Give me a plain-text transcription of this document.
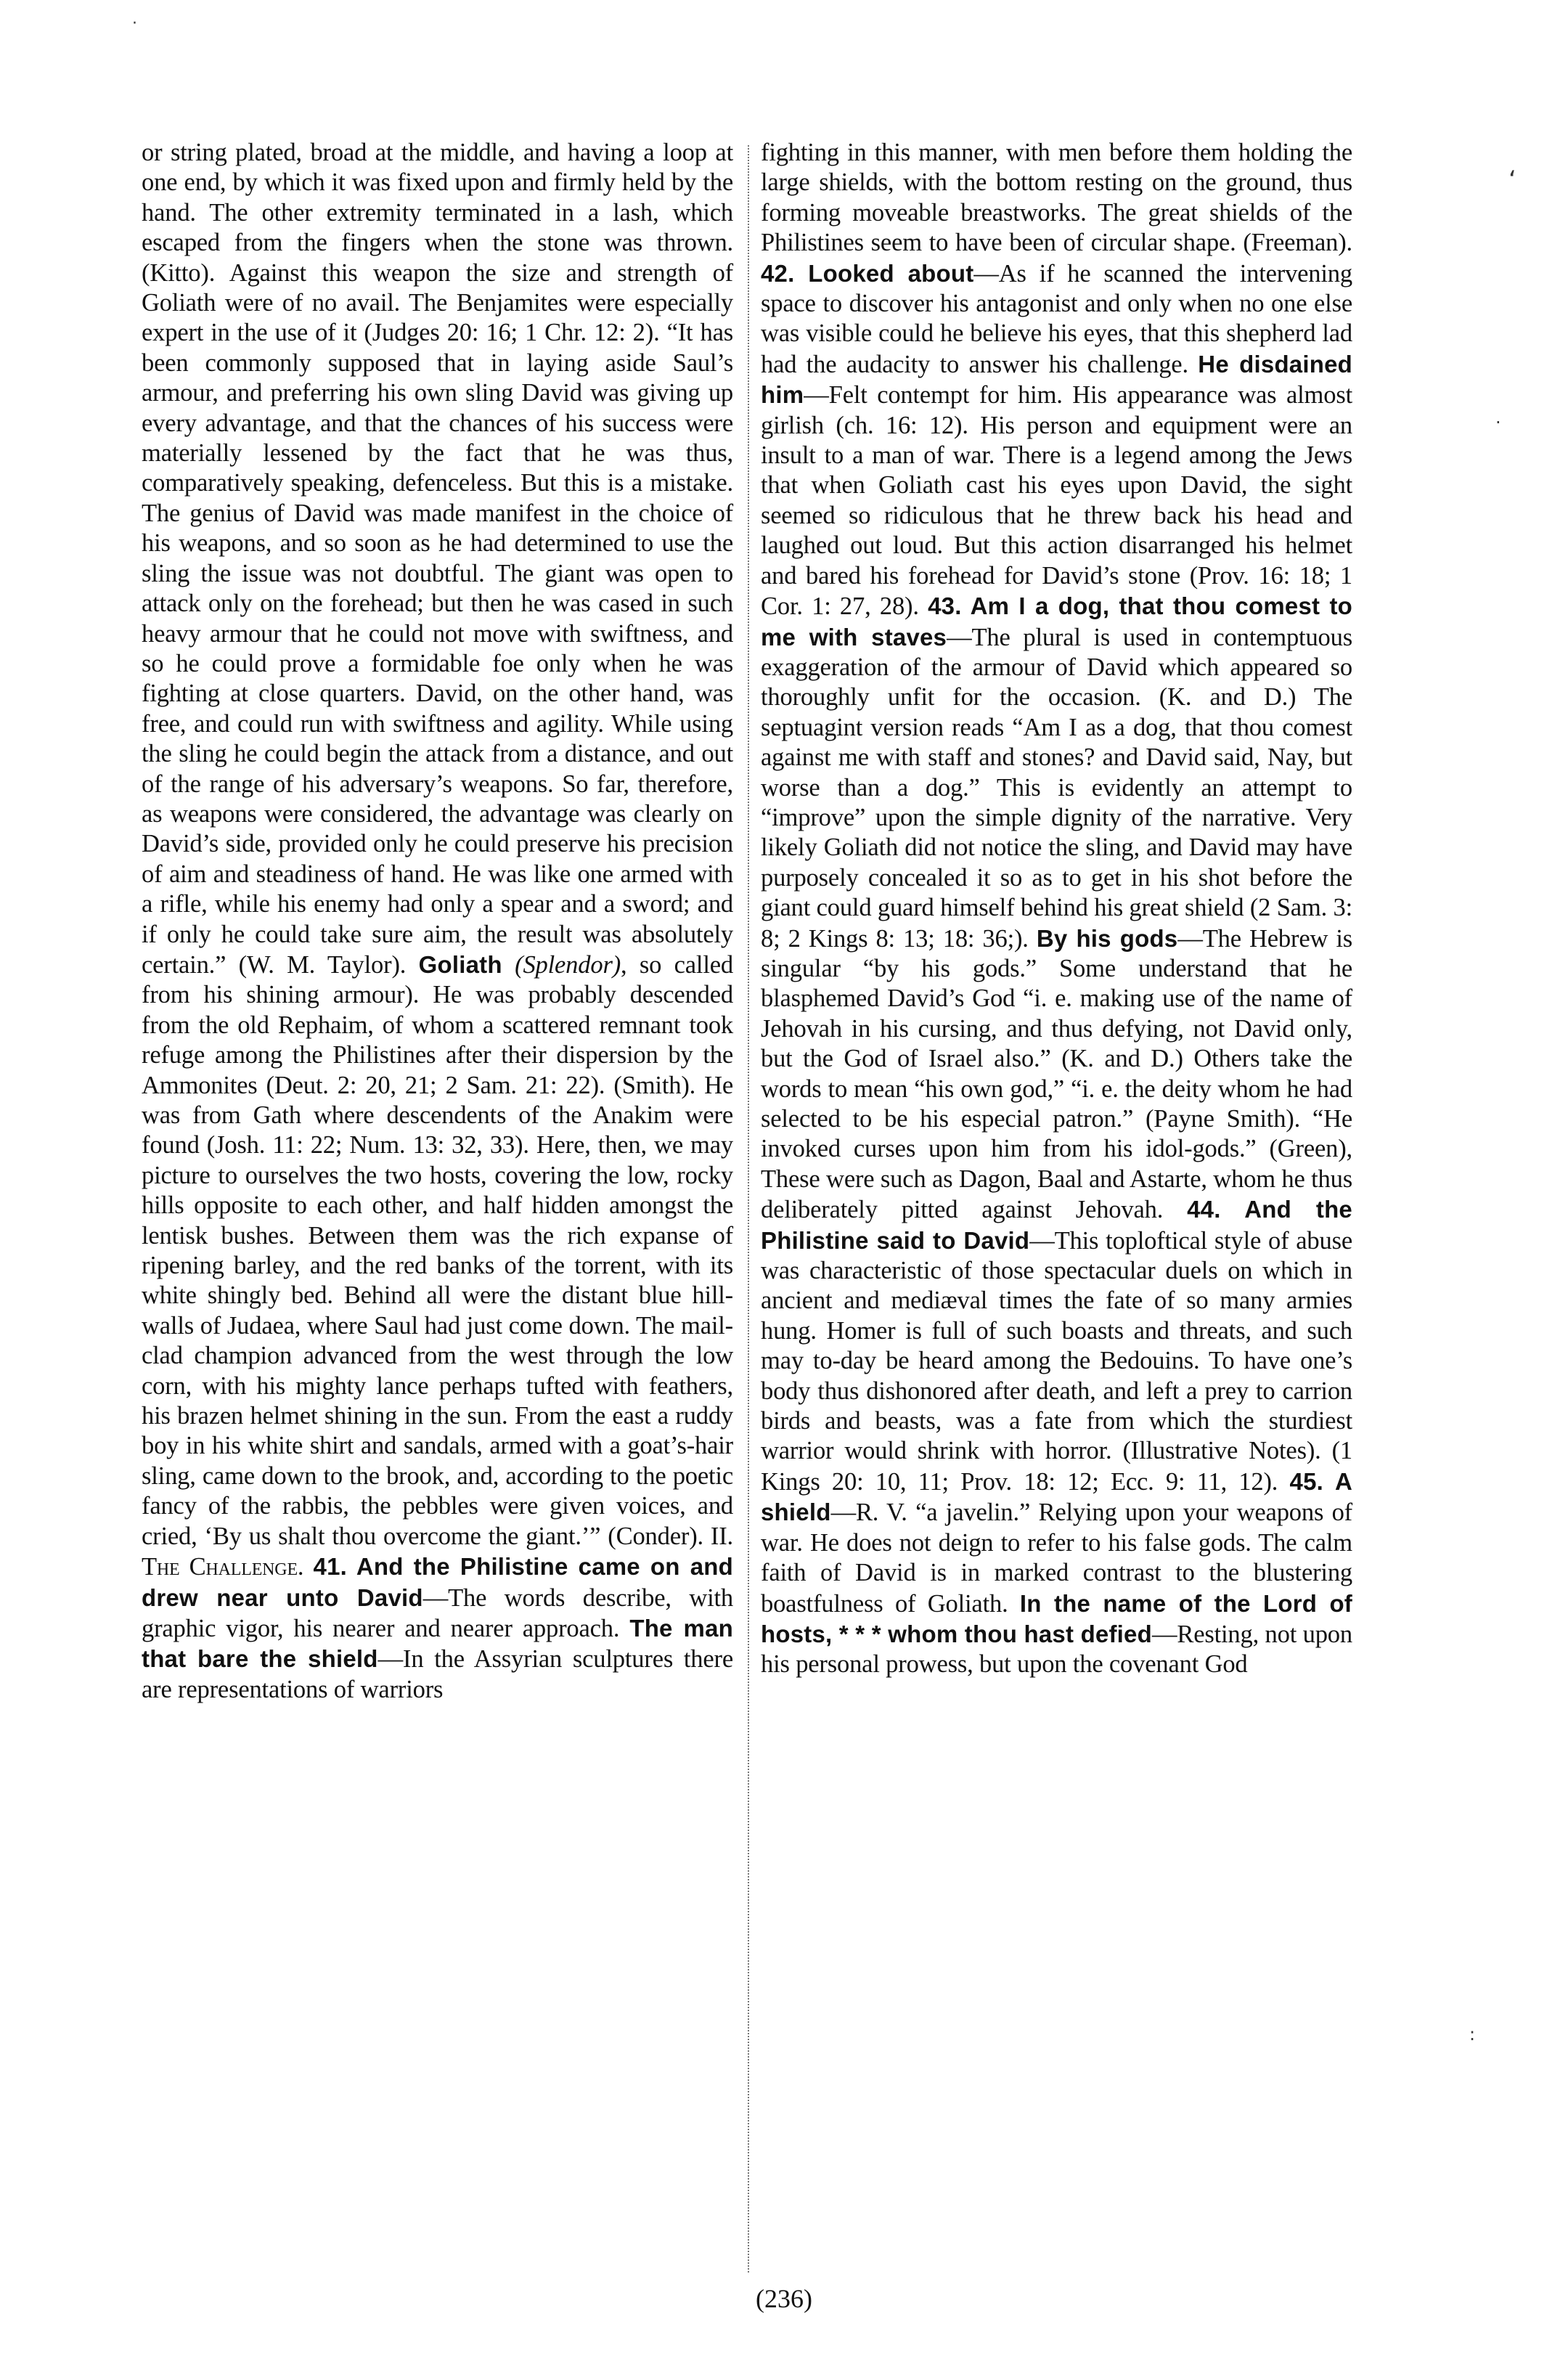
or string plated, broad at the middle, and having a loop at one end, by which it was fixed upon and firmly held by the hand. The other extremity terminated in a lash, which escaped from the fingers when the stone was thrown. (Kitto). Against this weapon the size and strength of Goliath were of no avail. The Benjamites were especially expert in the use of it (Judges 20: 16; 1 Chr. 12: 2). “It has been commonly supposed that in laying aside Saul’s armour, and preferring his own sling David was giving up every advantage, and that the chances of his success were materially lessened by the fact that he was thus, comparatively speaking, defenceless. But this is a mistake. The genius of David was made manifest in the choice of his weapons, and so soon as he had determined to use the sling the issue was not doubtful. The giant was open to attack only on the forehead; but then he was cased in such heavy armour that he could not move with swiftness, and so he could prove a formidable foe only when he was fighting at close quarters. David, on the other hand, was free, and could run with swiftness and agility. While using the sling he could begin the attack from a distance, and out of the range of his adversary’s weapons. So far, therefore, as weapons were considered, the advantage was clearly on David’s side, provided only he could preserve his precision of aim and steadiness of hand. He was like one armed with a rifle, while his enemy had only a spear and a sword; and if only he could take sure aim, the result was absolutely certain.” (W. M. Taylor). Goliath (Splendor), so called from his shining armour). He was probably descended from the old Rephaim, of whom a scattered remnant took refuge among the Philistines after their dispersion by the Ammonites (Deut. 2: 20, 21; 2 Sam. 21: 22). (Smith). He was from Gath where descendents of the Anakim were found (Josh. 11: 22; Num. 13: 32, 33). Here, then, we may picture to ourselves the two hosts, covering the low, rocky hills opposite to each other, and half hidden amongst the lentisk bushes. Between them was the rich expanse of ripening barley, and the red banks of the torrent, with its white shingly bed. Behind all were the distant blue hill-walls of Judaea, where Saul had just come down. The mail-clad champion advanced from the west through the low corn, with his mighty lance perhaps tufted with feathers, his brazen helmet shining in the sun. From the east a ruddy boy in his white shirt and sandals, armed with a goat’s-hair sling, came down to the brook, and, according to the poetic fancy of the rabbis, the pebbles were given voices, and cried, ‘By us shalt thou overcome the giant.’” (Conder). II. The Challenge. 41. And the Philistine came on and drew near unto David—The words describe, with graphic vigor, his nearer and nearer approach. The man that bare the shield—In the Assyrian sculptures there are representations of warriors

fighting in this manner, with men before them holding the large shields, with the bottom resting on the ground, thus forming moveable breastworks. The great shields of the Philistines seem to have been of circular shape. (Freeman). 42. Looked about—As if he scanned the intervening space to discover his antagonist and only when no one else was visible could he believe his eyes, that this shepherd lad had the audacity to answer his challenge. He disdained him—Felt contempt for him. His appearance was almost girlish (ch. 16: 12). His person and equipment were an insult to a man of war. There is a legend among the Jews that when Goliath cast his eyes upon David, the sight seemed so ridiculous that he threw back his head and laughed out loud. But this action disarranged his helmet and bared his forehead for David’s stone (Prov. 16: 18; 1 Cor. 1: 27, 28). 43. Am I a dog, that thou comest to me with staves—The plural is used in contemptuous exaggeration of the armour of David which appeared so thoroughly unfit for the occasion. (K. and D.) The septuagint version reads “Am I as a dog, that thou comest against me with staff and stones? and David said, Nay, but worse than a dog.” This is evidently an attempt to “improve” upon the simple dignity of the narrative. Very likely Goliath did not notice the sling, and David may have purposely concealed it so as to get in his shot before the giant could guard himself behind his great shield (2 Sam. 3: 8; 2 Kings 8: 13; 18: 36;). By his gods—The Hebrew is singular “by his gods.” Some understand that he blasphemed David’s God “i. e. making use of the name of Jehovah in his cursing, and thus defying, not David only, but the God of Israel also.” (K. and D.) Others take the words to mean “his own god,” “i. e. the deity whom he had selected to be his especial patron.” (Payne Smith). “He invoked curses upon him from his idol-gods.” (Green), These were such as Dagon, Baal and Astarte, whom he thus deliberately pitted against Jehovah. 44. And the Philistine said to David—This toploftical style of abuse was characteristic of those spectacular duels on which in ancient and mediæval times the fate of so many armies hung. Homer is full of such boasts and threats, and such may to-day be heard among the Bedouins. To have one’s body thus dishonored after death, and left a prey to carrion birds and beasts, was a fate from which the sturdiest warrior would shrink with horror. (Illustrative Notes). (1 Kings 20: 10, 11; Prov. 18: 12; Ecc. 9: 11, 12). 45. A shield—R. V. “a javelin.” Relying upon your weapons of war. He does not deign to refer to his false gods. The calm faith of David is in marked contrast to the blustering boastfulness of Goliath. In the name of the Lord of hosts, * * * whom thou hast defied—Resting, not upon his personal prowess, but upon the covenant God

(236)
·
‘
·
:
